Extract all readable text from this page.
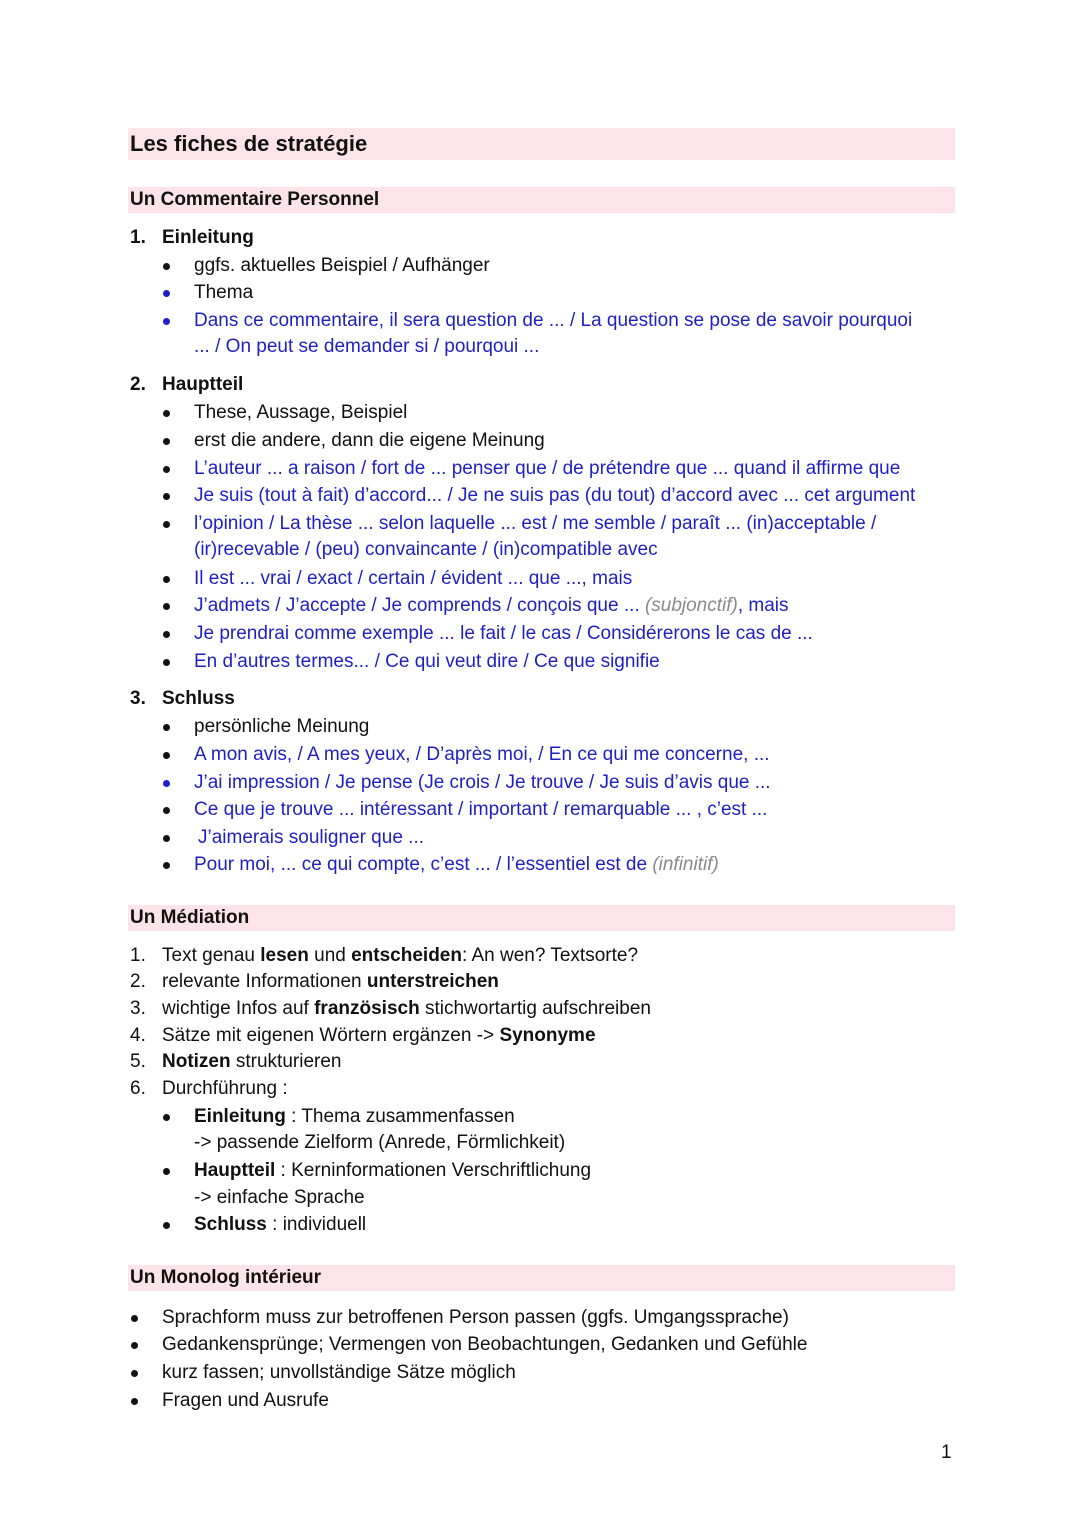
Les fiches de stratégie
Un Commentaire Personnel
1. Einleitung
ggfs. aktuelles Beispiel / Aufhänger
Thema
Dans ce commentaire, il sera question de ... / La question se pose de savoir pourquoi
... / On peut se demander si / pourqoui ...
2. Hauptteil
These, Aussage, Beispiel
erst die andere, dann die eigene Meinung
L’auteur ... a raison / fort de ... penser que / de prétendre que ... quand il affirme que
Je suis (tout à fait) d’accord... / Je ne suis pas (du tout) d’accord avec ... cet argument
l’opinion / La thèse ... selon laquelle ... est / me semble / paraît ... (in)acceptable /
(ir)recevable / (peu) convaincante / (in)compatible avec
Il est ... vrai / exact / certain / évident ... que ..., mais
J’admets / J’accepte / Je comprends / conçois que ... (subjonctif), mais
Je prendrai comme exemple ... le fait / le cas / Considérerons le cas de ...
En d’autres termes... / Ce qui veut dire / Ce que signifie
3. Schluss
persönliche Meinung
A mon avis, / A mes yeux, / D’après moi, / En ce qui me concerne, ...
J’ai impression / Je pense (Je crois / Je trouve / Je suis d’avis que ...
Ce que je trouve ... intéressant / important / remarquable ... , c’est ...
J’aimerais souligner que ...
Pour moi, ... ce qui compte, c’est ... / l’essentiel est de (infinitif)
Un Médiation
1. Text genau lesen und entscheiden: An wen? Textsorte?
2. relevante Informationen unterstreichen
3. wichtige Infos auf französisch stichwortartig aufschreiben
4. Sätze mit eigenen Wörtern ergänzen -> Synonyme
5. Notizen strukturieren
6. Durchführung :
Einleitung : Thema zusammenfassen
-> passende Zielform (Anrede, Förmlichkeit)
Hauptteil : Kerninformationen Verschriftlichung
-> einfache Sprache
Schluss : individuell
Un Monolog intérieur
Sprachform muss zur betroffenen Person passen (ggfs. Umgangssprache)
Gedankensprünge; Vermengen von Beobachtungen, Gedanken und Gefühle
kurz fassen; unvollständige Sätze möglich
Fragen und Ausrufe
1
